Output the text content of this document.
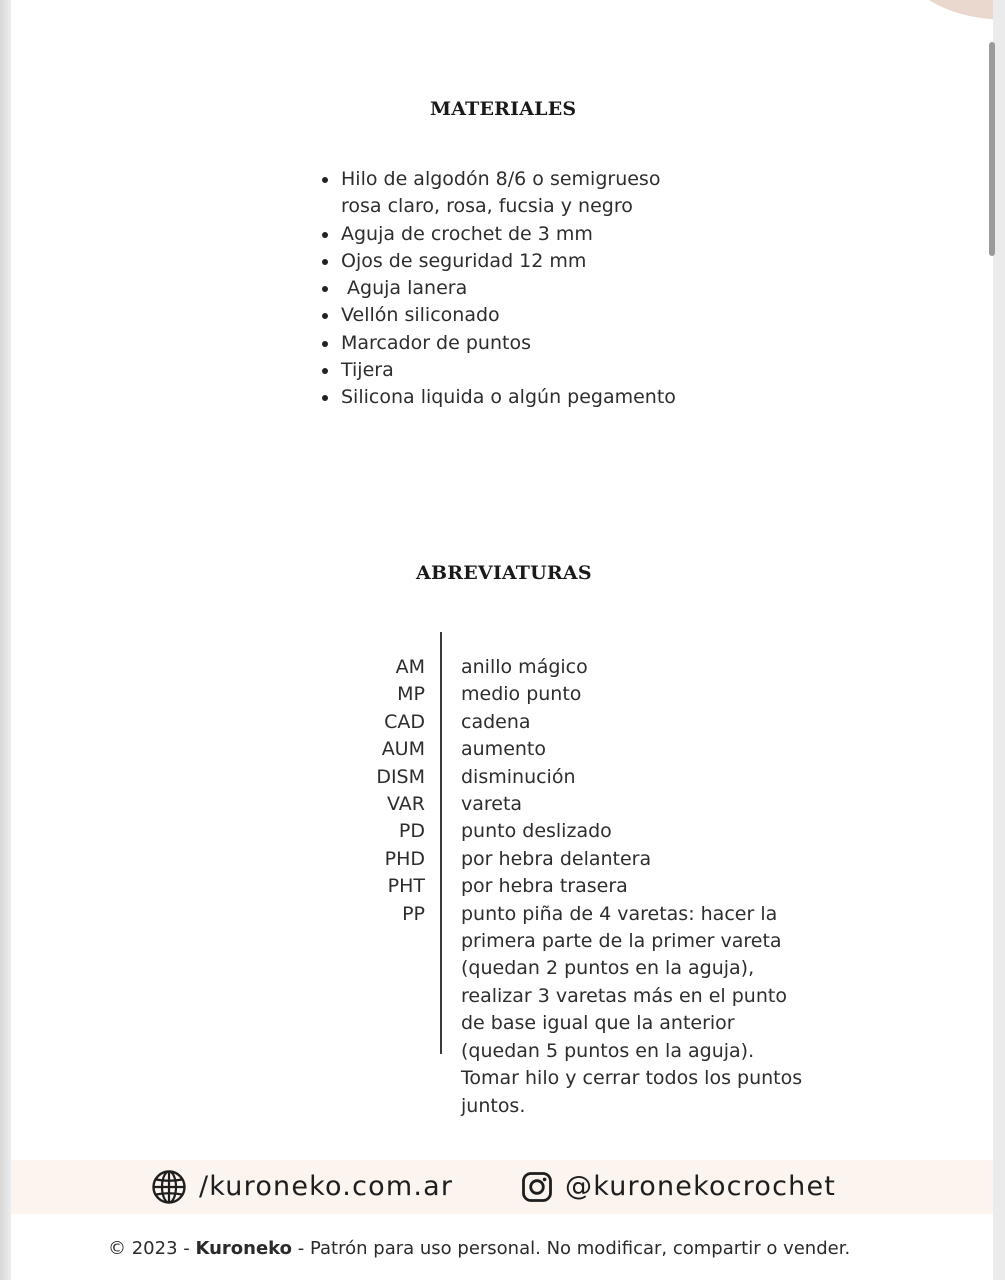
MATERIALES
Hilo de algodón 8/6 o semigrueso rosa claro, rosa, fucsia y negro
Aguja de crochet de 3 mm
Ojos de seguridad 12 mm
Aguja lanera
Vellón siliconado
Marcador de puntos
Tijera
Silicona liquida o algún pegamento
ABREVIATURAS
AM anillo mágico
MP medio punto
CAD cadena
AUM aumento
DISM disminución
VAR vareta
PD punto deslizado
PHD por hebra delantera
PHT por hebra trasera
PP punto piña de 4 varetas: hacer la primera parte de la primer vareta (quedan 2 puntos en la aguja), realizar 3 varetas más en el punto de base igual que la anterior (quedan 5 puntos en la aguja). Tomar hilo y cerrar todos los puntos juntos.
/kuroneko.com.ar	@kuronekocrochet
© 2023 - Kuroneko - Patrón para uso personal. No modificar, compartir o vender.
